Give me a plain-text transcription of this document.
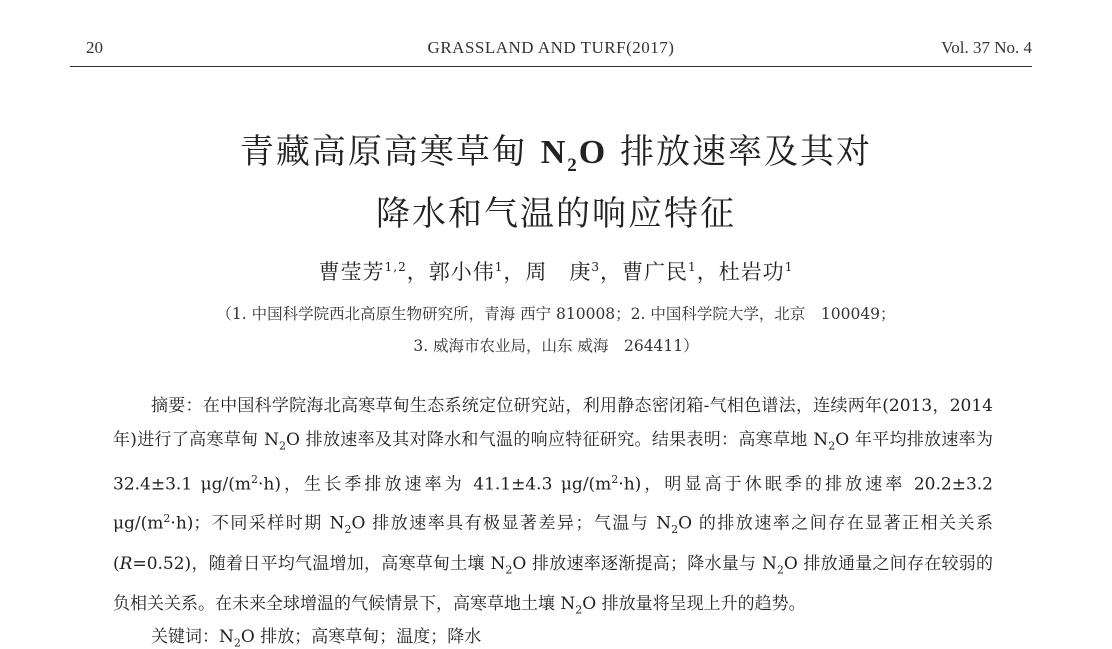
20	GRASSLAND AND TURF(2017)	Vol. 37 No. 4
青藏高原高寒草甸 $N_2O$ 排放速率及其对
降水和气温的响应特征
曹莹芳$^{1,2}$，郭小伟$^1$，周　庚$^3$，曹广民$^1$，杜岩功$^1$
（1. 中国科学院西北高原生物研究所，青海 西宁 810008；2. 中国科学院大学，北京　100049；
3. 威海市农业局，山东 威海　264411）

摘要：在中国科学院海北高寒草甸生态系统定位研究站，利用静态密闭箱-气相色谱法，连续两年(2013，2014 年)进行了高寒草甸 $N_2O$ 排放速率及其对降水和气温的响应特征研究。结果表明：高寒草地 $N_2O$ 年平均排放速率为 32.4±3.1 $\mu g/(m^2\cdot h)$，生长季排放速率为 41.1±4.3 $\mu g/(m^2\cdot h)$，明显高于休眠季的排放速率 20.2±3.2 $\mu g/(m^2\cdot h)$；不同采样时期 $N_2O$ 排放速率具有极显著差异；气温与 $N_2O$ 的排放速率之间存在显著正相关关系(R=0.52)，随着日平均气温增加，高寒草甸土壤 $N_2O$ 排放速率逐渐提高；降水量与 $N_2O$ 排放通量之间存在较弱的负相关关系。在未来全球增温的气候情景下，高寒草地土壤 $N_2O$ 排放量将呈现上升的趋势。

关键词：$N_2O$ 排放；高寒草甸；温度；降水
